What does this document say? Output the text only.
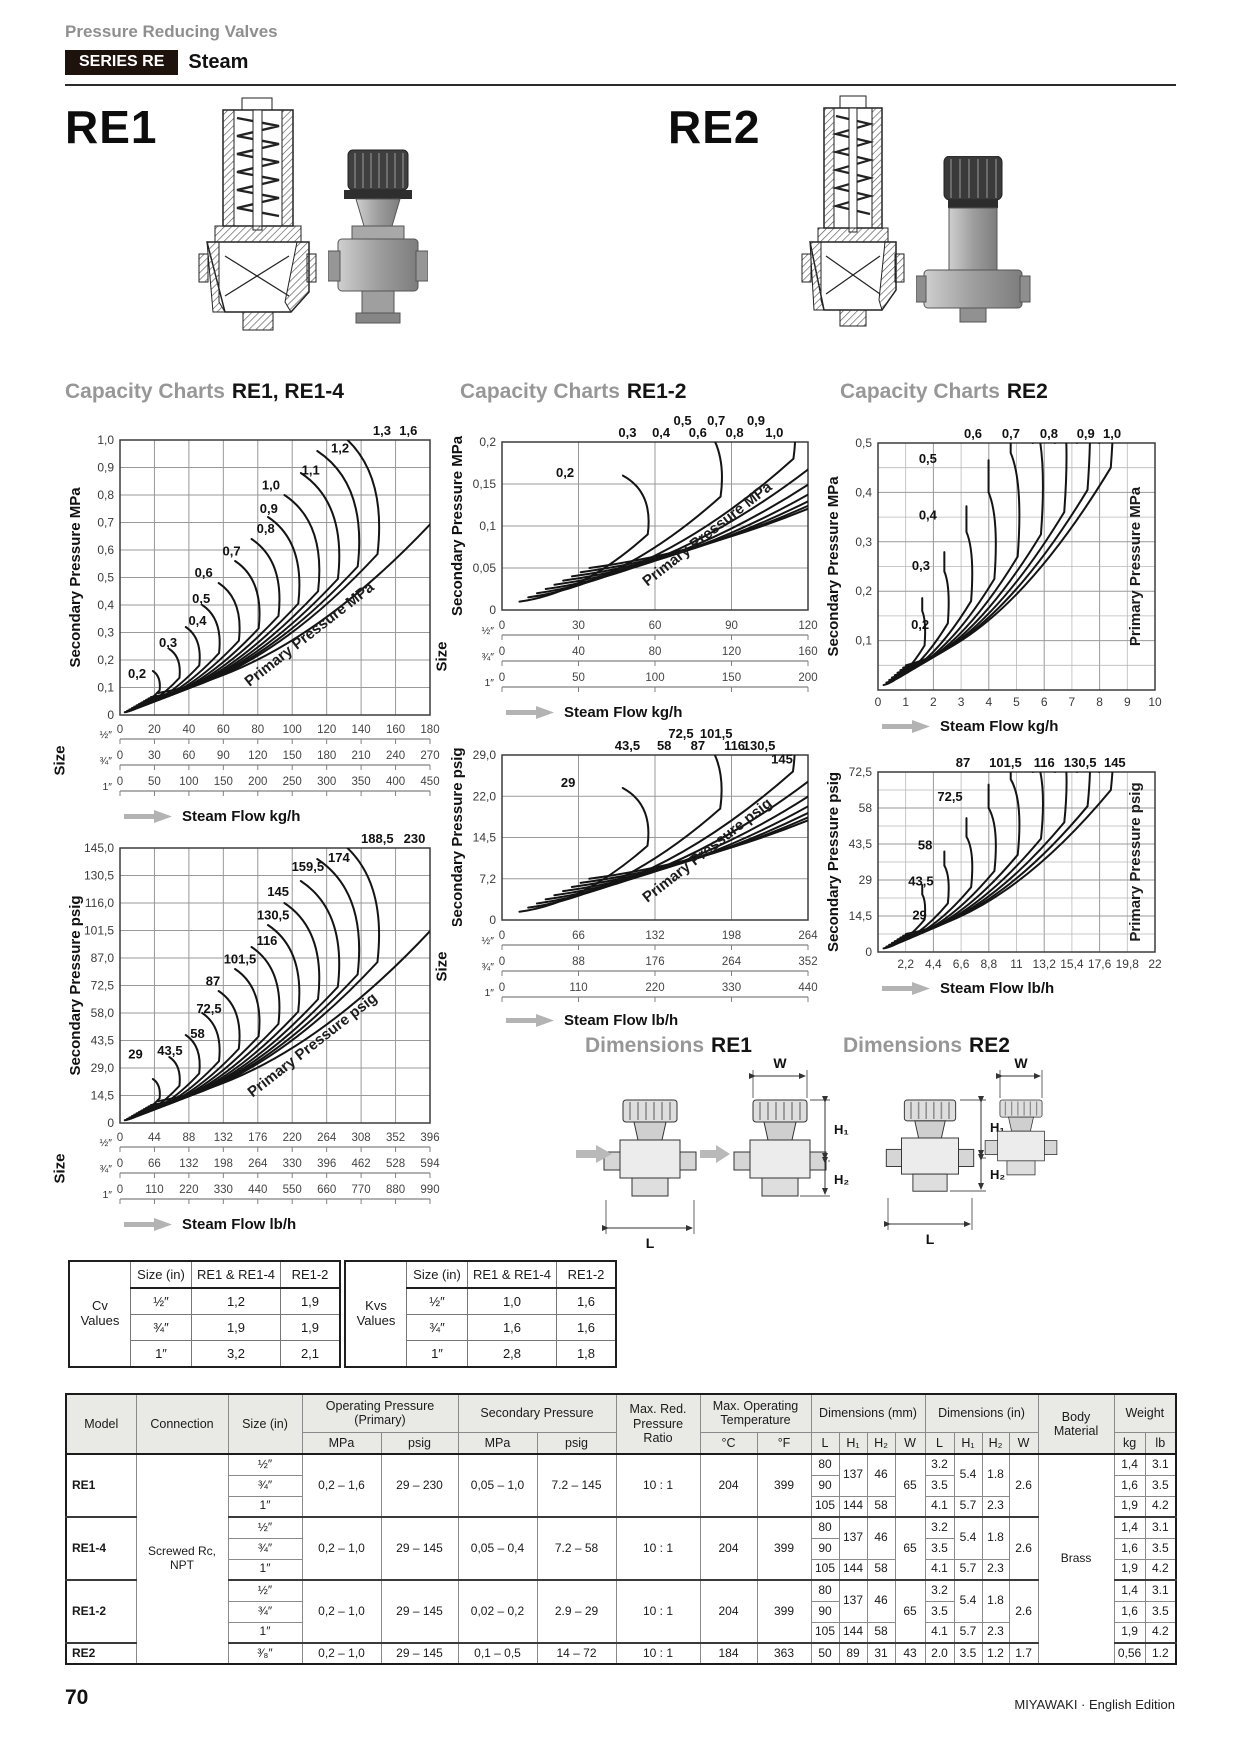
Pressure Reducing Valves
SERIES RE	Steam
RE1	RE2
Capacity Charts RE1, RE1-4	Capacity Charts RE1-2	Capacity Charts RE2
1,0
0,9
0,8
0,7
0,6
0,5
0,4
0,3
0,2
0,1
0
Secondary Pressure MPa
0,2
0,3
0,4
0,5
0,6
0,7
0,8
0,9
1,0
1,1
1,2
1,3 1,6
Primary Pressure MPa
½″ 0 20 40 60 80 100 120 140 160 180
¾″ 0 30 60 90 120 150 180 210 240 270
1″ 0 50 100 150 200 250 300 350 400 450
Size
Steam Flow kg/h
145,0
130,5
116,0
101,5
87,0
72,5
58,0
43,5
29,0
14,5
0
Secondary Pressure psig	29 43,5
58
72,5
87
101,5
116
130,5
145
159,5
174
188,5 230
Primary Pressure psig
½″ 0 44 88 132 176 220 264 308 352 396
¾″ 0 66 132 198 264 330 396 462 528 594
1″ 0 110 220 330 440 550 660 770 880 990
Size
Steam Flow lb/h
0,2
0,15
0,1
0,05
0
Secondary Pressure MPa	0,2
0,3 0,4
0,5
0,6
0,7
0,8
0,9
1,0
Primary Pressure MPa
½″ 0	30	60	90	120
¾″ 0	40	80	120	160
1″ 0	50	100	150	200
Size
Steam Flow kg/h
29,0
22,0
14,5
7,2
0
Secondary Pressure psig	29
43,5 58
72,5
87
101,5
116
130,5
145
Primary Pressure psig
½″ 0	66	132	198	264
¾″ 0	88	176	264	352
1″ 0	110	220	330	440
Size
Steam Flow lb/h
0,5
0,4
0,3
0,2
0,1
Secondary Pressure MPa
0 1 2 3 4 5 6 7 8 9 10
0,2
0,3
0,4
0,5
0,6 0,7 0,8 0,9 1,0
Primary Pressure MPa
Steam Flow kg/h
72,5
58
43,5
29
14,5
0
Secondary Pressure psig
2,2 4,4 6,6 8,8 11 13,2 15,4 17,6 19,8 22
29
43,5
58
72,5
87 101,5 116 130,5 145
Primary Pressure psig
Steam Flow lb/h
Dimensions RE1	Dimensions RE2
L
W
H₁
H₂
H₁
H₂
L
W
Cv Values	Size (in)	RE1 & RE1-4	RE1-2
	½″	1,2	1,9
	¾″	1,9	1,9
	1″	3,2	2,1
Kvs Values	Size (in)	RE1 & RE1-4	RE1-2
	½″	1,0	1,6
	¾″	1,6	1,6
	1″	2,8	1,8
Model	Connection	Size (in)	Operating Pressure (Primary)		Secondary Pressure		Max. Red. Pressure Ratio	Max. Operating Temperature		Dimensions (mm)				Dimensions (in)				Body Material	Weight	
			MPa	psig	MPa	psig		°C	°F	L	H₁	H₂	W	L	H₁	H₂	W		kg	lb
RE1	Screwed Rc, NPT	½″	0,2 – 1,6	29 – 230	0,05 – 1,0	7.2 – 145	10 : 1	204	399	80	137	46	65	3.2	5.4	1.8	2.6	Brass	1,4	3.1
		¾″								90				3.5					1,6	3.5
		1″								105	144	58		4.1	5.7	2.3			1,9	4.2
RE1-4		½″	0,2 – 1,0	29 – 145	0,05 – 0,4	7.2 – 58	10 : 1	204	399	80	137	46	65	3.2	5.4	1.8	2.6		1,4	3.1
		¾″								90				3.5					1,6	3.5
		1″								105	144	58		4.1	5.7	2.3			1,9	4.2
RE1-2		½″	0,2 – 1,0	29 – 145	0,02 – 0,2	2.9 – 29	10 : 1	204	399	80	137	46	65	3.2	5.4	1.8	2.6		1,4	3.1
		¾″								90				3.5					1,6	3.5
		1″								105	144	58		4.1	5.7	2.3			1,9	4.2
RE2		³⁄₈″	0,2 – 1,0	29 – 145	0,1 – 0,5	14 – 72	10 : 1	184	363	50	89	31	43	2.0	3.5	1.2	1.7		0,56	1.2
70	MIYAWAKI · English Edition
